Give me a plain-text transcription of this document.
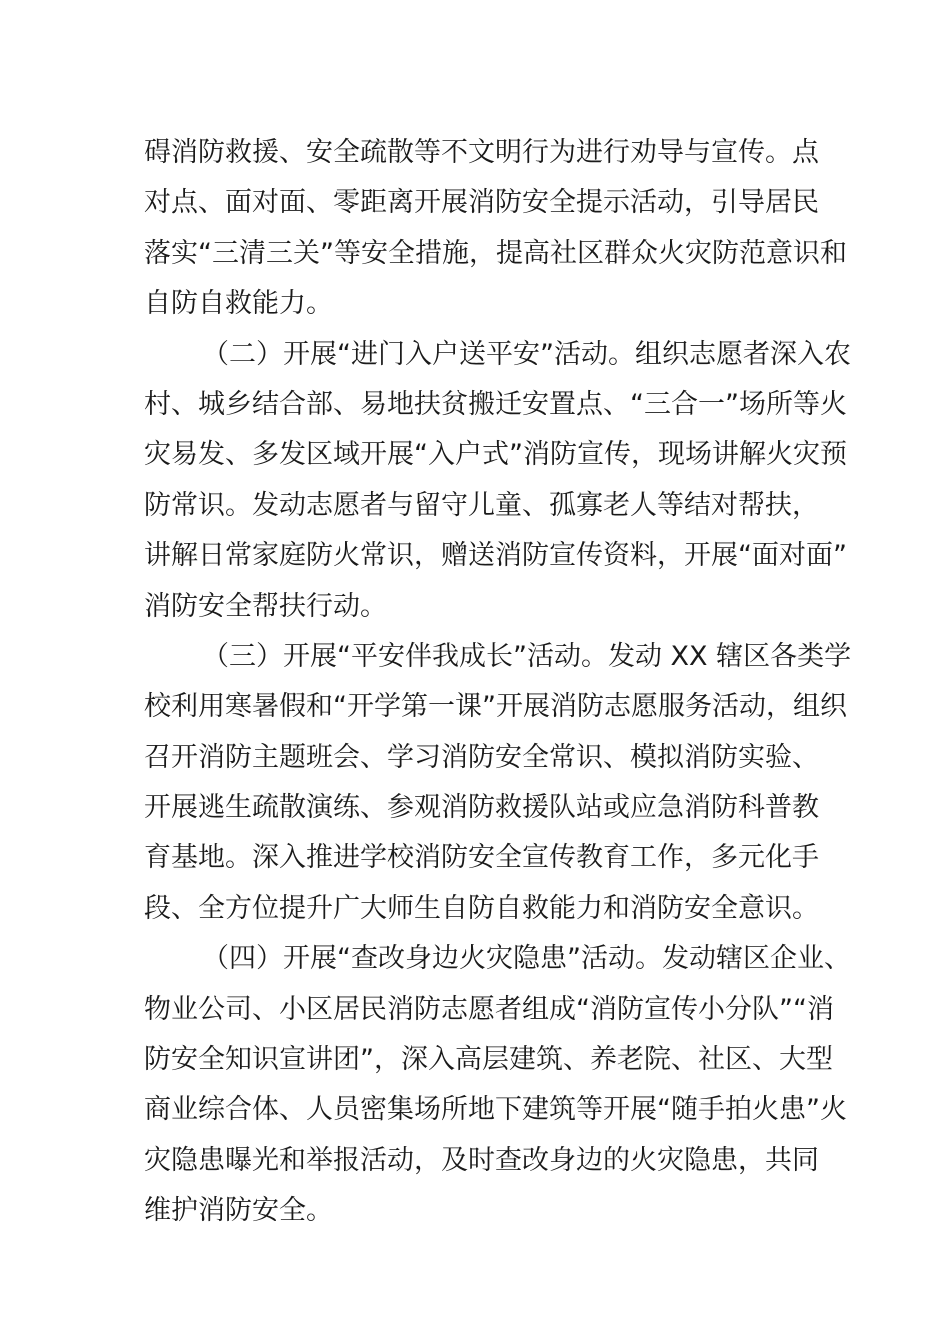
碍消防救援、安全疏散等不文明行为进行劝导与宣传。点
对点、面对面、零距离开展消防安全提示活动，引导居民
落实“三清三关”等安全措施，提高社区群众火灾防范意识和
自防自救能力。
（二）开展“进门入户送平安”活动。组织志愿者深入农
村、城乡结合部、易地扶贫搬迁安置点、“三合一”场所等火
灾易发、多发区域开展“入户式”消防宣传，现场讲解火灾预
防常识。发动志愿者与留守儿童、孤寡老人等结对帮扶，
讲解日常家庭防火常识，赠送消防宣传资料，开展“面对面”
消防安全帮扶行动。
（三）开展“平安伴我成长”活动。发动 XX 辖区各类学
校利用寒暑假和“开学第一课”开展消防志愿服务活动，组织
召开消防主题班会、学习消防安全常识、模拟消防实验、
开展逃生疏散演练、参观消防救援队站或应急消防科普教
育基地。深入推进学校消防安全宣传教育工作，多元化手
段、全方位提升广大师生自防自救能力和消防安全意识。
（四）开展“查改身边火灾隐患”活动。发动辖区企业、
物业公司、小区居民消防志愿者组成“消防宣传小分队”“消
防安全知识宣讲团”，深入高层建筑、养老院、社区、大型
商业综合体、人员密集场所地下建筑等开展“随手拍火患”火
灾隐患曝光和举报活动，及时查改身边的火灾隐患，共同
维护消防安全。
